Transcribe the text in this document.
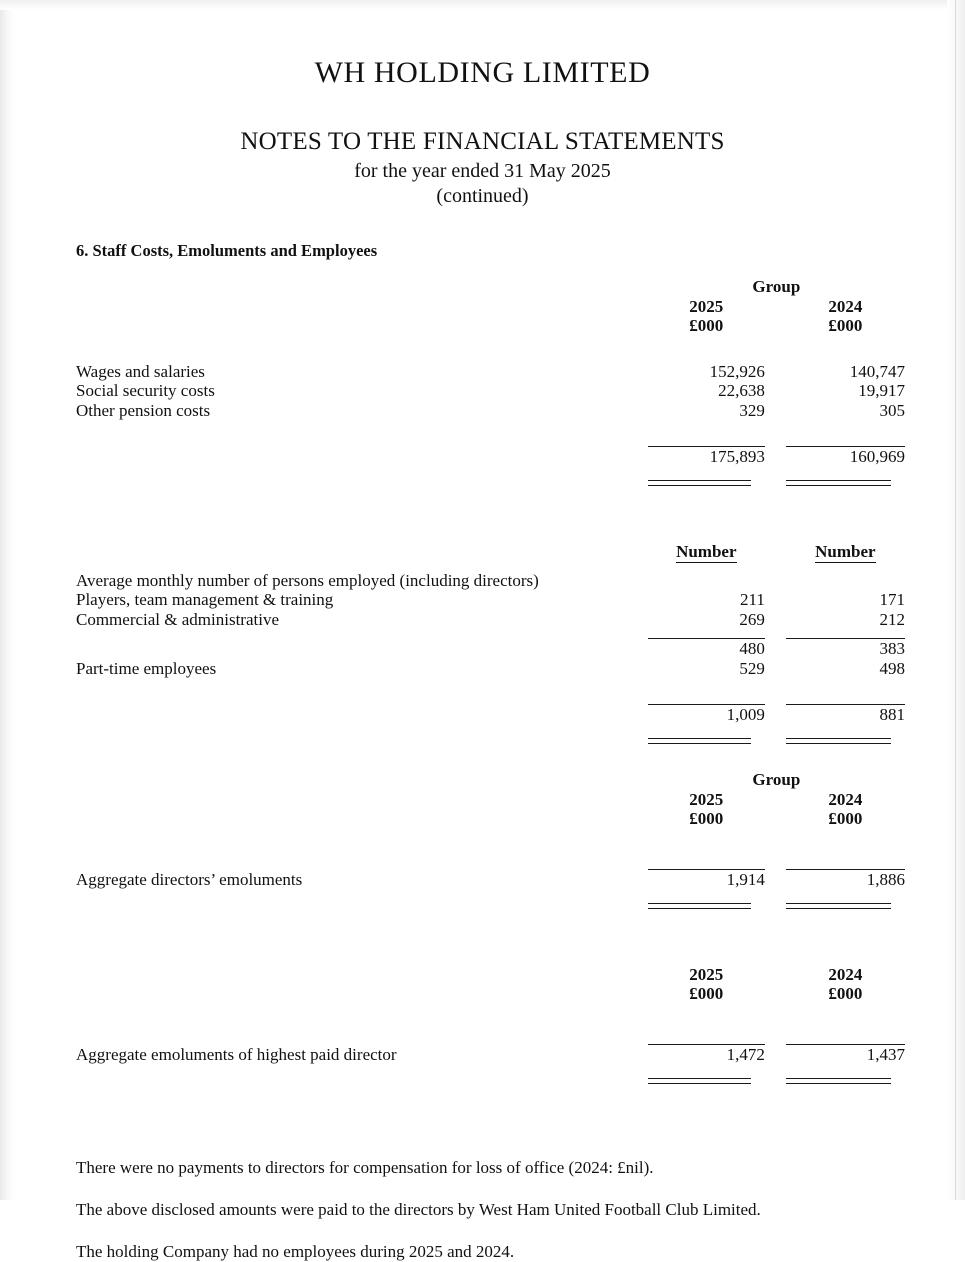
WH HOLDING LIMITED
NOTES TO THE FINANCIAL STATEMENTS
for the year ended 31 May 2025
(continued)
6. Staff Costs, Emoluments and Employees

	Group		
	2025		2024
	£000		£000

Wages and salaries	152,926		140,747
Social security costs	22,638		19,917
Other pension costs	329		305

	175,893		160,969

	Number		Number

Average monthly number of persons employed (including directors)			
Players, team management & training	211		171
Commercial & administrative	269		212

	480		383
Part-time employees	529		498

	1,009		881

	Group		
	2025		2024
	£000		£000

Aggregate directors’ emoluments	1,914		1,886

	2025		2024
	£000		£000

Aggregate emoluments of highest paid director	1,472		1,437

There were no payments to directors for compensation for loss of office (2024: £nil).

The above disclosed amounts were paid to the directors by West Ham United Football Club Limited.

The holding Company had no employees during 2025 and 2024.
